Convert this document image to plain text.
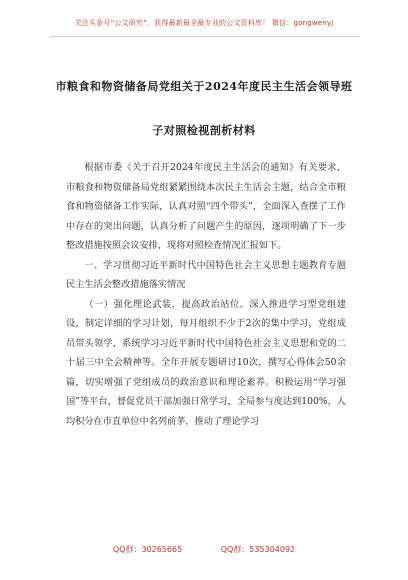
关注头条号“公文研究”，获得最新最全最专业的公文资料库！ 微信：gongwenyj
市粮食和物资储备局党组关于2024年度民主生活会领导班
子对照检视剖析材料

根据市委《关于召开2024年度民主生活会的通知》有关要求，市粮食和物资储备局党组紧紧围绕本次民主生活会主题，结合全市粮食和物资储备工作实际，认真对照“四个带头”，全面深入查摆了工作中存在的突出问题，认真分析了问题产生的原因，逐项明确了下一步整改措施按照会议安排，现将对照检查情况汇报如下。

一、学习贯彻习近平新时代中国特色社会主义思想主题教育专题民主生活会整改措施落实情况

（一）强化理论武装，提高政治站位。深入推进学习型党组建设，制定详细的学习计划，每月组织不少于2次的集中学习，党组成员带头领学，系统学习习近平新时代中国特色社会主义思想和党的二十届三中全会精神等。全年开展专题研讨10次，撰写心得体会50余篇，切实增强了党组成员的政治意识和理论素养。积极运用“学习强国”等平台，督促党员干部加强日常学习，全局参与度达到100%，人均积分在市直单位中名列前茅，推动了理论学习

QQ群：30265665	QQ群：535304092
